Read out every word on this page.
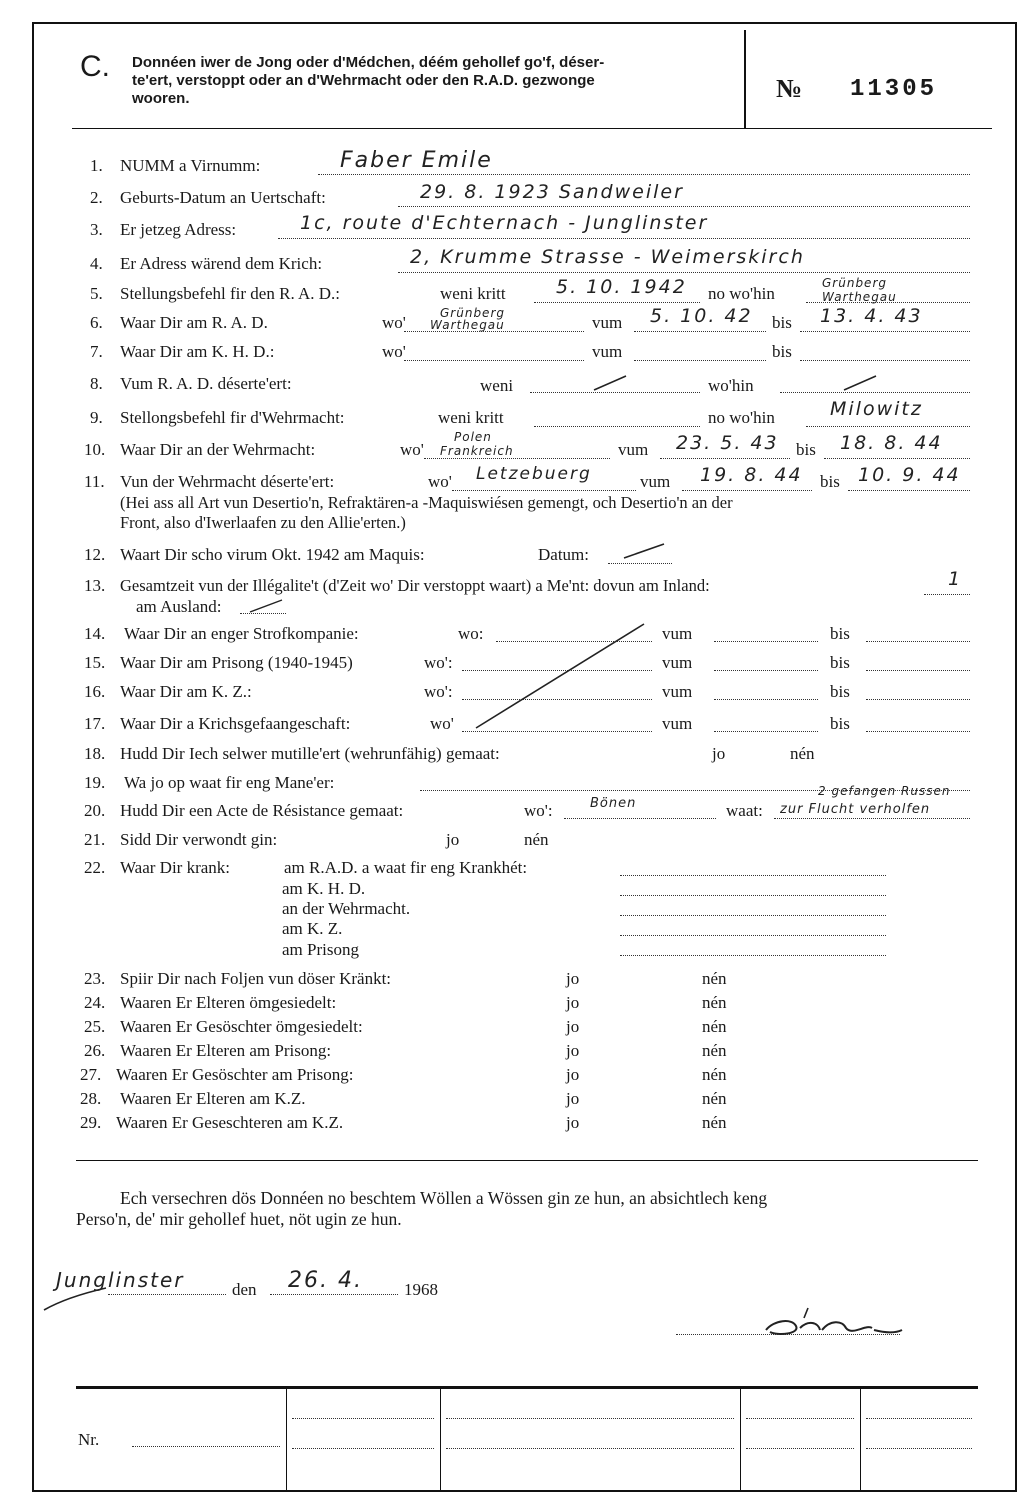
C. Donnéen iwer de Jong oder d'Médchen, déém gehollef go'f, déser-
te'ert, verstoppt oder an d'Wehrmacht oder den R.A.D. gezwonge
wooren.	№ 11305
1. NUMM a Virnumm:	Faber Emile
2. Geburts-Datum an Uertschaft:	29. 8. 1923 Sandweiler
3. Er jetzeg Adress:	1c, route d'Echternach - Junglinster
4. Er Adress wärend dem Krich:	2, Krumme Strasse - Weimerskirch
5. Stellungsbefehl fir den R. A. D.:	weni kritt	5. 10. 1942 no wo'hin
Grünberg
Warthegau
6. Waar Dir am R. A. D.	wo'	Grünberg
Warthegau	vum 5. 10. 42 bis 13. 4. 43
7. Waar Dir am K. H. D.:	wo'	vum	bis
8. Vum R. A. D. déserte'ert:	weni	wo'hin
9. Stellongsbefehl fir d'Wehrmacht:	weni kritt	no wo'hin	Milowitz
10. Waar Dir an der Wehrmacht:	wo'
Polen
Frankreich	vum 23. 5. 43 bis 18. 8. 44
11. Vun der Wehrmacht déserte'ert:	wo' Letzebuerg	vum 19. 8. 44 bis 10. 9. 44
(Hei ass all Art vun Desertio'n, Refraktären-a -Maquiswiésen gemengt, och Desertio'n an der
Front, also d'Iwerlaafen zu den Allie'erten.)
12. Waart Dir scho virum Okt. 1942 am Maquis:	Datum:
13. Gesamtzeit vun der Illégalite't (d'Zeit wo' Dir verstoppt waart) a Me'nt: dovun am Inland:	1
am Ausland:
14. Waar Dir an enger Strofkompanie:	wo:	vum	bis
15. Waar Dir am Prisong (1940-1945)	wo':	vum	bis
16. Waar Dir am K. Z.:	wo':	vum	bis
17. Waar Dir a Krichsgefaangeschaft:	wo'	vum	bis
18. Hudd Dir Iech selwer mutille'ert (wehrunfähig) gemaat:	jo	nén
19. Wa jo op waat fir eng Mane'er:
20. Hudd Dir een Acte de Résistance gemaat:	wo':	Bönen	waat:
2 gefangen Russen
zur Flucht verholfen
21. Sidd Dir verwondt gin:	jo	nén
22. Waar Dir krank:	am R.A.D. a waat fir eng Krankhét:
am K. H. D.
an der Wehrmacht.
am K. Z.
am Prisong
23. Spiir Dir nach Foljen vun döser Kränkt:	jo	nén
24. Waaren Er Elteren ömgesiedelt:	jo	nén
25. Waaren Er Gesöschter ömgesiedelt:	jo	nén
26. Waaren Er Elteren am Prisong:	jo	nén
27. Waaren Er Gesöschter am Prisong:	jo	nén
28. Waaren Er Elteren am K.Z.	jo	nén
29. Waaren Er Geseschteren am K.Z.	jo	nén
Ech versechren dös Donnéen no beschtem Wöllen a Wössen gin ze hun, an absichtlech keng
Perso'n, de' mir gehollef huet, nöt ugin ze hun.
Junglinster	den 26. 4. 1968
Nr.
